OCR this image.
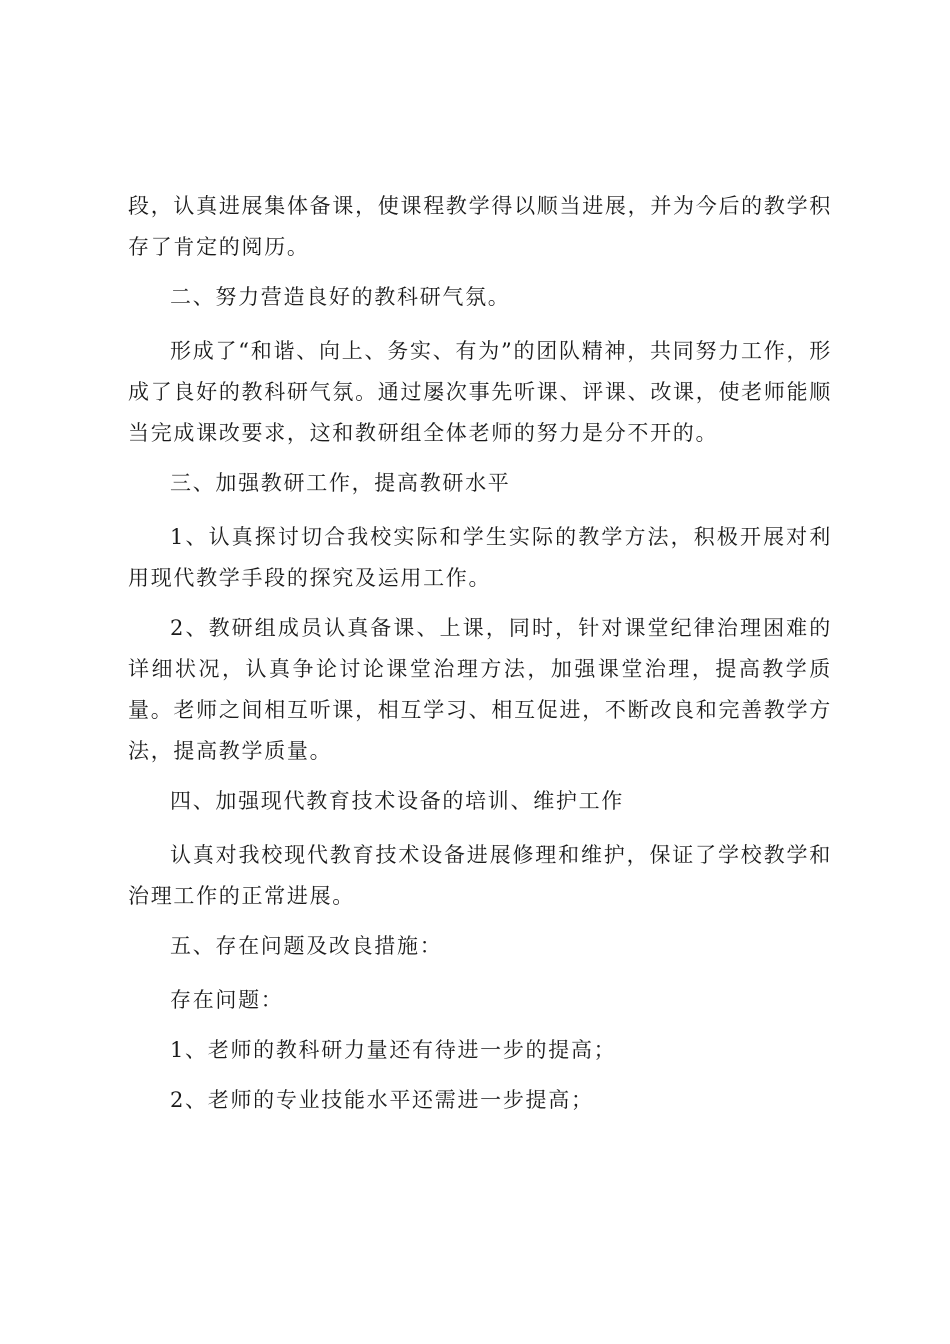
段，认真进展集体备课，使课程教学得以顺当进展，并为今后的教学积存了肯定的阅历。

二、努力营造良好的教科研气氛。

形成了“和谐、向上、务实、有为”的团队精神，共同努力工作，形成了良好的教科研气氛。通过屡次事先听课、评课、改课，使老师能顺当完成课改要求，这和教研组全体老师的努力是分不开的。

三、加强教研工作，提高教研水平

1、认真探讨切合我校实际和学生实际的教学方法，积极开展对利用现代教学手段的探究及运用工作。

2、教研组成员认真备课、上课，同时，针对课堂纪律治理困难的详细状况，认真争论讨论课堂治理方法，加强课堂治理，提高教学质量。老师之间相互听课，相互学习、相互促进，不断改良和完善教学方法，提高教学质量。

四、加强现代教育技术设备的培训、维护工作

认真对我校现代教育技术设备进展修理和维护，保证了学校教学和治理工作的正常进展。

五、存在问题及改良措施：

存在问题：

1、老师的教科研力量还有待进一步的提高；

2、老师的专业技能水平还需进一步提高；
